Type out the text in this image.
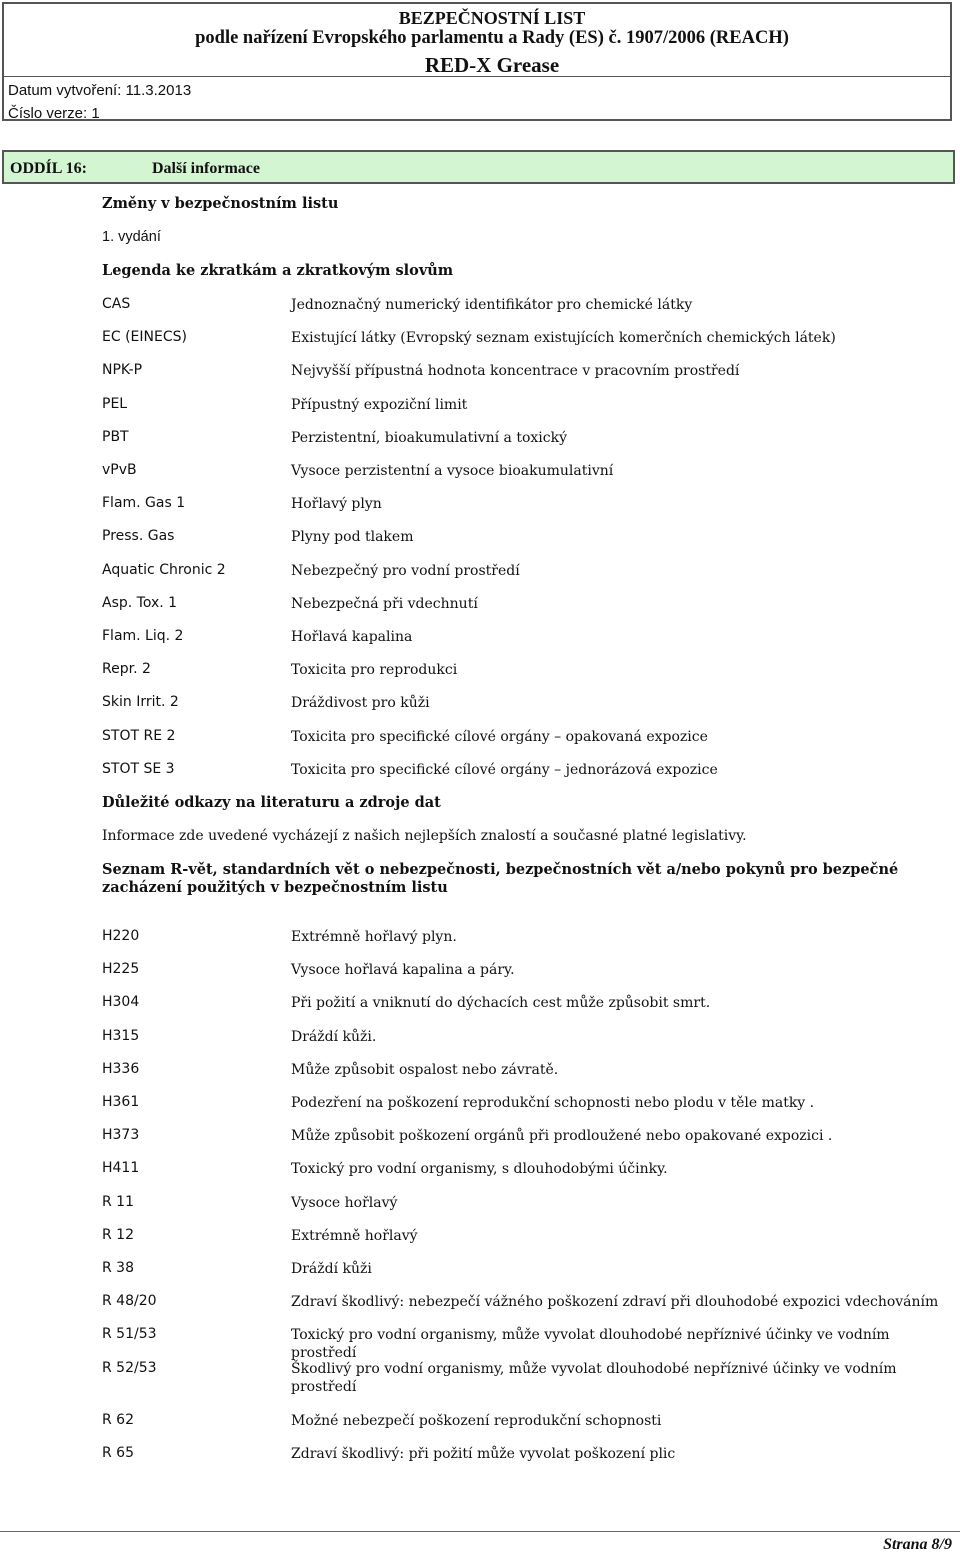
BEZPEČNOSTNÍ LIST
podle nařízení Evropského parlamentu a Rady (ES) č. 1907/2006 (REACH)
RED-X Grease
Datum vytvoření: 11.3.2013
Číslo verze: 1
ODDÍL 16:	Další informace
Změny v bezpečnostním listu
1. vydání
Legenda ke zkratkám a zkratkovým slovům
CAS	Jednoznačný numerický identifikátor pro chemické látky
EC (EINECS)	Existující látky (Evropský seznam existujících komerčních chemických látek)
NPK-P	Nejvyšší přípustná hodnota koncentrace v pracovním prostředí
PEL	Přípustný expoziční limit
PBT	Perzistentní, bioakumulativní a toxický
vPvB	Vysoce perzistentní a vysoce bioakumulativní
Flam. Gas 1	Hořlavý plyn
Press. Gas	Plyny pod tlakem
Aquatic Chronic 2	Nebezpečný pro vodní prostředí
Asp. Tox. 1	Nebezpečná při vdechnutí
Flam. Liq. 2	Hořlavá kapalina
Repr. 2	Toxicita pro reprodukci
Skin Irrit. 2	Dráždivost pro kůži
STOT RE 2	Toxicita pro specifické cílové orgány – opakovaná expozice
STOT SE 3	Toxicita pro specifické cílové orgány – jednorázová expozice
Důležité odkazy na literaturu a zdroje dat
Informace zde uvedené vycházejí z našich nejlepších znalostí a současné platné legislativy.
Seznam R-vět, standardních vět o nebezpečnosti, bezpečnostních vět a/nebo pokynů pro bezpečné zacházení použitých v bezpečnostním listu
H220	Extrémně hořlavý plyn.
H225	Vysoce hořlavá kapalina a páry.
H304	Při požití a vniknutí do dýchacích cest může způsobit smrt.
H315	Dráždí kůži.
H336	Může způsobit ospalost nebo závratě.
H361	Podezření na poškození reprodukční schopnosti nebo plodu v těle matky .
H373	Může způsobit poškození orgánů při prodloužené nebo opakované expozici .
H411	Toxický pro vodní organismy, s dlouhodobými účinky.
R 11	Vysoce hořlavý
R 12	Extrémně hořlavý
R 38	Dráždí kůži
R 48/20	Zdraví škodlivý: nebezpečí vážného poškození zdraví při dlouhodobé expozici vdechováním
R 51/53	Toxický pro vodní organismy, může vyvolat dlouhodobé nepříznivé účinky ve vodním prostředí
R 52/53	Škodlivý pro vodní organismy, může vyvolat dlouhodobé nepříznivé účinky ve vodním prostředí
R 62	Možné nebezpečí poškození reprodukční schopnosti
R 65	Zdraví škodlivý: při požití může vyvolat poškození plic
Strana 8/9
